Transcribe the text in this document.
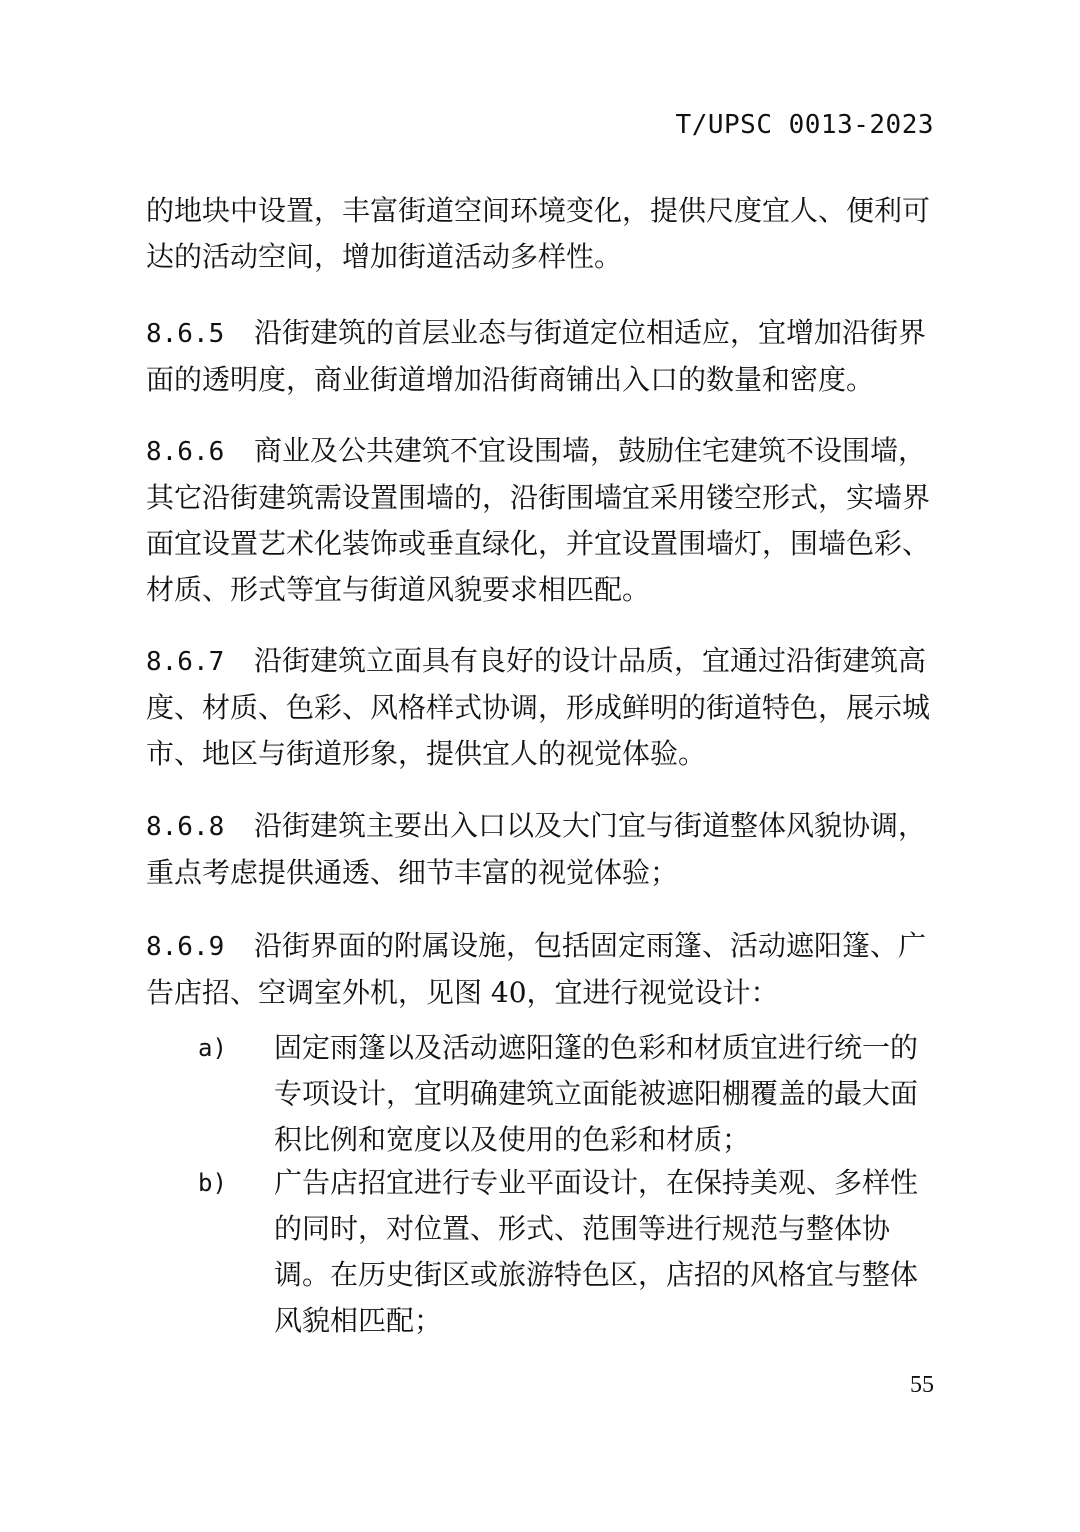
T/UPSC 0013-2023
的地块中设置，丰富街道空间环境变化，提供尺度宜人、便利可达的活动空间，增加街道活动多样性。
8.6.5 沿街建筑的首层业态与街道定位相适应，宜增加沿街界面的透明度，商业街道增加沿街商铺出入口的数量和密度。
8.6.6 商业及公共建筑不宜设围墙，鼓励住宅建筑不设围墙，其它沿街建筑需设置围墙的，沿街围墙宜采用镂空形式，实墙界面宜设置艺术化装饰或垂直绿化，并宜设置围墙灯，围墙色彩、材质、形式等宜与街道风貌要求相匹配。
8.6.7 沿街建筑立面具有良好的设计品质，宜通过沿街建筑高度、材质、色彩、风格样式协调，形成鲜明的街道特色，展示城市、地区与街道形象，提供宜人的视觉体验。
8.6.8 沿街建筑主要出入口以及大门宜与街道整体风貌协调，重点考虑提供通透、细节丰富的视觉体验；
8.6.9 沿街界面的附属设施，包括固定雨篷、活动遮阳篷、广告店招、空调室外机，见图 40，宜进行视觉设计：
a) 固定雨篷以及活动遮阳篷的色彩和材质宜进行统一的专项设计，宜明确建筑立面能被遮阳棚覆盖的最大面积比例和宽度以及使用的色彩和材质；
b) 广告店招宜进行专业平面设计，在保持美观、多样性的同时，对位置、形式、范围等进行规范与整体协调。在历史街区或旅游特色区，店招的风格宜与整体风貌相匹配；
55
